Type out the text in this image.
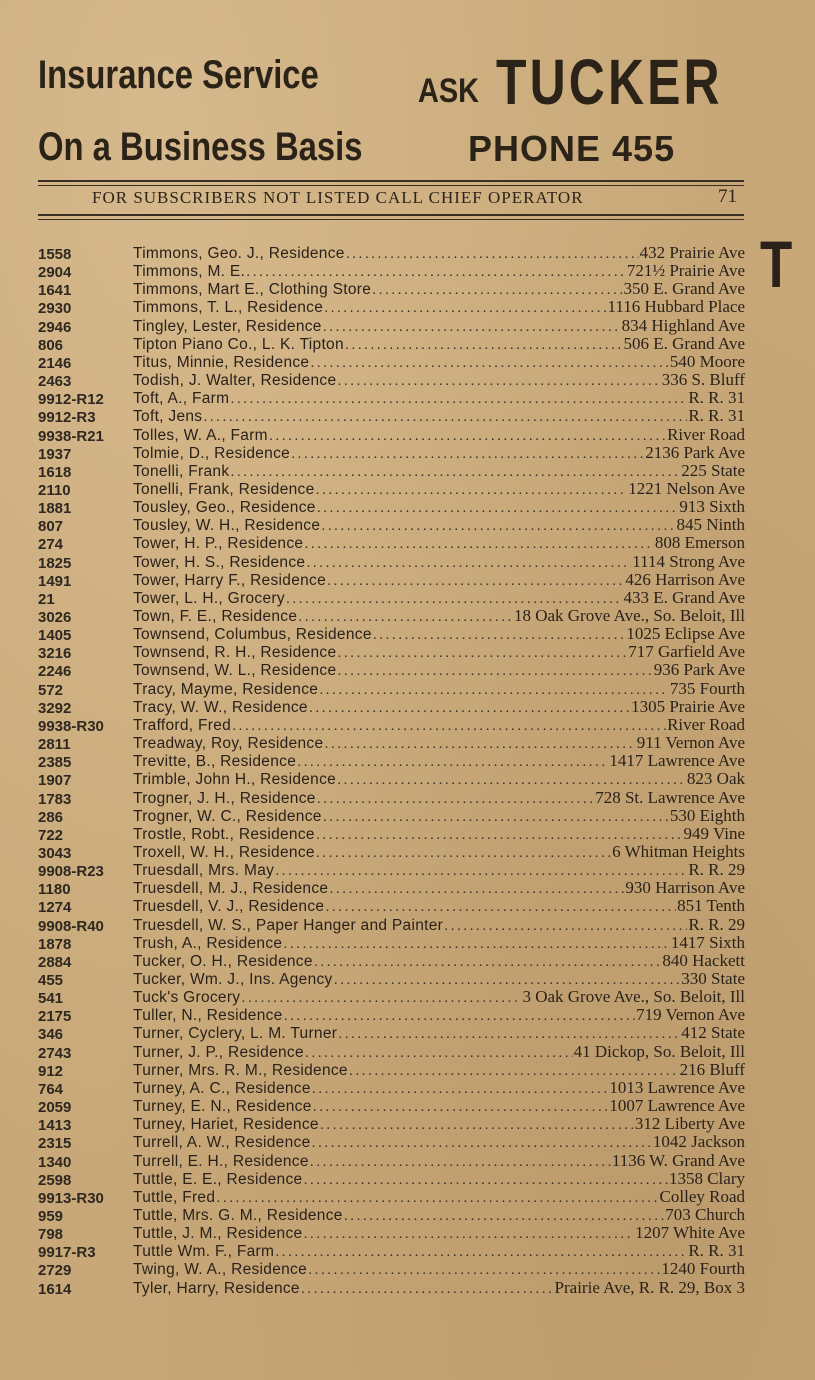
Insurance Service
On a Business Basis
ASK TUCKER
PHONE 455
FOR SUBSCRIBERS NOT LISTED CALL CHIEF OPERATOR	71
T
1558	Timmons, Geo. J., Residence . . .	432 Prairie Ave
2904	Timmons, M. E. . . .	721½ Prairie Ave
1641	Timmons, Mart E., Clothing Store . . .	350 E. Grand Ave
2930	Timmons, T. L., Residence . . .	1116 Hubbard Place
2946	Tingley, Lester, Residence . . .	834 Highland Ave
806	Tipton Piano Co., L. K. Tipton . . .	506 E. Grand Ave
2146	Titus, Minnie, Residence . . .	540 Moore
2463	Todish, J. Walter, Residence . . .	336 S. Bluff
9912-R12	Toft, A., Farm . . .	R. R. 31
9912-R3	Toft, Jens . . .	R. R. 31
9938-R21	Tolles, W. A., Farm . . .	River Road
1937	Tolmie, D., Residence . . .	2136 Park Ave
1618	Tonelli, Frank . . .	225 State
2110	Tonelli, Frank, Residence . . .	1221 Nelson Ave
1881	Tousley, Geo., Residence . . .	913 Sixth
807	Tousley, W. H., Residence . . .	845 Ninth
274	Tower, H. P., Residence . . .	808 Emerson
1825	Tower, H. S., Residence . . .	1114 Strong Ave
1491	Tower, Harry F., Residence . . .	426 Harrison Ave
21	Tower, L. H., Grocery . . .	433 E. Grand Ave
3026	Town, F. E., Residence . . .	18 Oak Grove Ave., So. Beloit, Ill
1405	Townsend, Columbus, Residence . . .	1025 Eclipse Ave
3216	Townsend, R. H., Residence . . .	717 Garfield Ave
2246	Townsend, W. L., Residence . . .	936 Park Ave
572	Tracy, Mayme, Residence . . .	735 Fourth
3292	Tracy, W. W., Residence . . .	1305 Prairie Ave
9938-R30	Trafford, Fred . . .	River Road
2811	Treadway, Roy, Residence . . .	911 Vernon Ave
2385	Trevitte, B., Residence . . .	1417 Lawrence Ave
1907	Trimble, John H., Residence . . .	823 Oak
1783	Trogner, J. H., Residence . . .	728 St. Lawrence Ave
286	Trogner, W. C., Residence . . .	530 Eighth
722	Trostle, Robt., Residence . . .	949 Vine
3043	Troxell, W. H., Residence . . .	6 Whitman Heights
9908-R23	Truesdall, Mrs. May . . .	R. R. 29
1180	Truesdell, M. J., Residence . . .	930 Harrison Ave
1274	Truesdell, V. J., Residence . . .	851 Tenth
9908-R40	Truesdell, W. S., Paper Hanger and Painter . . .	R. R. 29
1878	Trush, A., Residence . . .	1417 Sixth
2884	Tucker, O. H., Residence . . .	840 Hackett
455	Tucker, Wm. J., Ins. Agency . . .	330 State
541	Tuck's Grocery . . .	3 Oak Grove Ave., So. Beloit, Ill
2175	Tuller, N., Residence . . .	719 Vernon Ave
346	Turner, Cyclery, L. M. Turner . . .	412 State
2743	Turner, J. P., Residence . . .	41 Dickop, So. Beloit, Ill
912	Turner, Mrs. R. M., Residence . . .	216 Bluff
764	Turney, A. C., Residence . . .	1013 Lawrence Ave
2059	Turney, E. N., Residence . . .	1007 Lawrence Ave
1413	Turney, Hariet, Residence . . .	312 Liberty Ave
2315	Turrell, A. W., Residence . . .	1042 Jackson
1340	Turrell, E. H., Residence . . .	1136 W. Grand Ave
2598	Tuttle, E. E., Residence . . .	1358 Clary
9913-R30	Tuttle, Fred . . .	Colley Road
959	Tuttle, Mrs. G. M., Residence . . .	703 Church
798	Tuttle, J. M., Residence . . .	1207 White Ave
9917-R3	Tuttle Wm. F., Farm . . .	R. R. 31
2729	Twing, W. A., Residence . . .	1240 Fourth
1614	Tyler, Harry, Residence . . .	Prairie Ave, R. R. 29, Box 3
